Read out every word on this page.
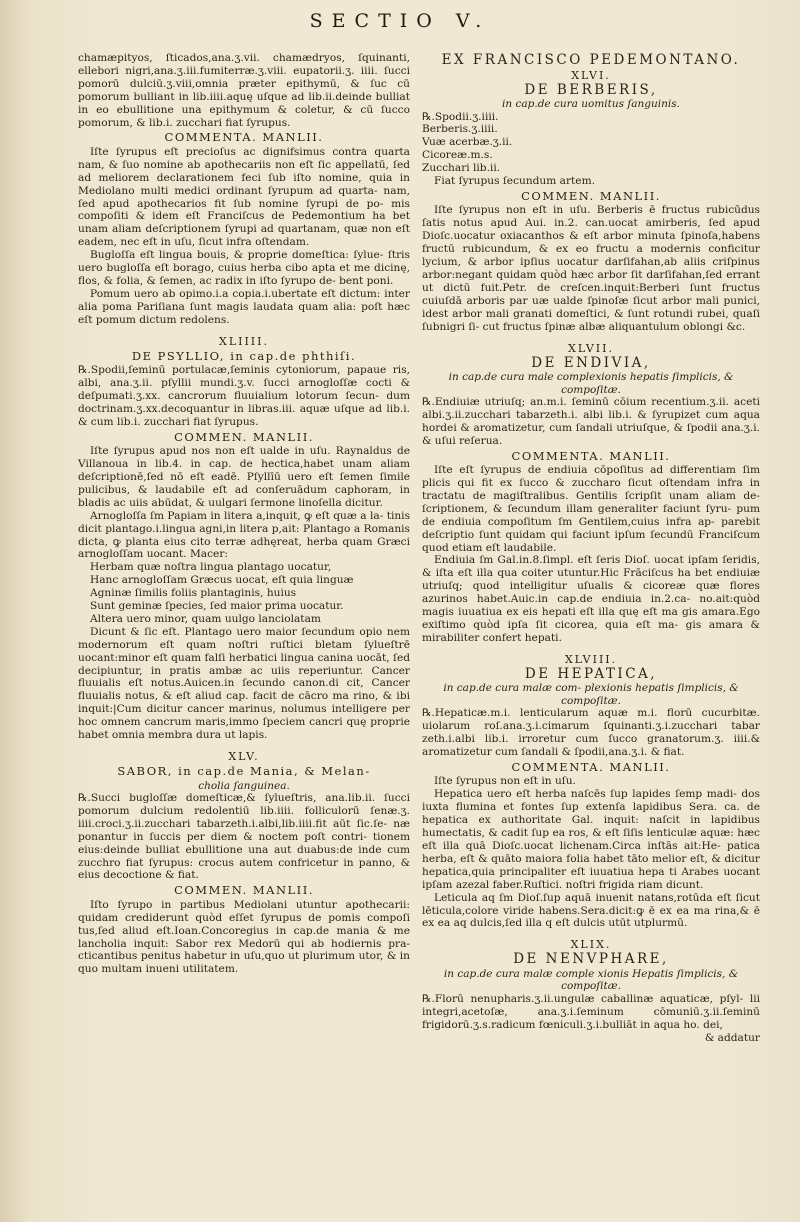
SECTIO V.

chamæpityos, ſticados,ana.ʒ.vii. chamædryos, ſquinanti, ellebori nigri,ana.ʒ.iii.fumiterræ.ʒ.viii. eupatorii.ʒ. iiii. ſucci pomorū dulciū.ʒ.viii,omnia præter epithymū, & ſuc cū pomorum bulliant in lib.iiii.aquę uſque ad lib.ii.deinde bulliat in eo ebullitione una epithymum & coletur, & cū ſucco pomorum, & lib.i. zucchari fiat ſyrupus.

COMMENTA. MANLII.

Iſte ſyrupus eſt precioſus ac dignifsimus contra quarta nam, & ſuo nomine ab apothecariis non eſt ſic appellatū, ſed ad meliorem declarationem feci ſub iſto nomine, quia in Mediolano multi medici ordinant ſyrupum ad quarta- nam, ſed apud apothecarios fit ſub nomine ſyrupi de po- mis compoſiti & idem eſt Franciſcus de Pedemontium ha bet unam aliam deſcriptionem ſyrupi ad quartanam, quæ non eſt eadem, nec eſt in uſu, ſicut infra oſtendam.

Bugloſſa eſt lingua bouis, & proprie domeſtica: ſylue- ſtris uero bugloſſa eſt borago, cuius herba cibo apta et me dicinę, flos, & folia, & ſemen, ac radix in iſto ſyrupo de- bent poni.

Pomum uero ab opimo.i.a copia.i.ubertate eſt dictum: inter alia poma Pariſiana ſunt magis laudata quam alia: poſt hæc eſt pomum dictum redolens.

XLIIII.
DE PSYLLIO, in cap.de phthiſi.

℞.Spodii,ſeminū portulacæ,ſeminis cytoniorum, papaue ris, albi, ana.ʒ.ii. pſyllii mundi.ʒ.v. ſucci arnogloſſæ cocti & deſpumati.ʒ.xx. cancrorum fluuialium lotorum ſecun- dum doctrinam.ʒ.xx.decoquantur in libras.iii. aquæ uſque ad lib.i. & cum lib.i. zucchari fiat ſyrupus.

COMMEN. MANLII.

Iſte ſyrupus apud nos non eſt ualde in uſu. Raynaldus de Villanoua in lib.4. in cap. de hectica,habet unam aliam deſcriptionē,ſed nō eſt eadē. Pſyllīū uero eſt ſemen ſimile pulicibus, & laudabile eſt ad conſeruādum caphoram, in bladis ac uiis abūdat, & uulgari ſermone linoſella dicitur.

Arnogloſſa ſm Papiam in litera a,inquit, ꝙ eſt quæ a la- tinis dicit plantago.i.lingua agni,in litera p,ait: Plantago a Romanis dicta, ꝙ planta eius cito terræ adhęreat, herba quam Græci arnogloſſam uocant. Macer:

Herbam quæ noſtra lingua plantago uocatur,

Hanc arnogloſſam Græcus uocat, eſt quia linguæ

Agninæ ſimilis foliis plantaginis, huius

Sunt geminæ ſpecies, ſed maior prima uocatur.

Altera uero minor, quam uulgo lanciolatam

Dicunt & ſic eſt. Plantago uero maior ſecundum opio nem modernorum eſt quam noſtri ruſtici bletam ſylueſtrē uocant:minor eſt quam falſi herbatici lingua canina uocāt, ſed decipiuntur, in pratis ambæ ac uiis reperiuntur. Cancer fluuialis eſt notus.Auicen.in ſecundo canon.di cit, Cancer fluuialis notus, & eſt aliud cap. facit de cācro ma rino, & ibi inquit:|Cum dicitur cancer marinus, nolumus intelligere per hoc omnem cancrum maris,immo ſpeciem cancri quę proprie habet omnia membra dura ut lapis.

XLV.
SABOR, in cap.de Mania, & Melan-
cholia ſanguinea.

℞.Succi bugloſſæ domeſticæ,& ſylueſtris, ana.lib.ii. ſucci pomorum dulcium redolentiū lib.iiii. folliculorū ſenæ.ʒ. iiii.croci.ʒ.ii.zucchari tabarzeth.i.albi,lib.iiii.fit aūt ſic.ſe- næ ponantur in ſuccis per diem & noctem poſt contri- tionem eius:deinde bulliat ebullitione una aut duabus:de inde cum zucchro fiat ſyrupus: crocus autem confricetur in panno, & eius decoctione & fiat.

COMMEN. MANLII.

Iſto ſyrupo in partibus Mediolani utuntur apothecarii: quidam crediderunt quòd eſſet ſyrupus de pomis compoſi tus,ſed aliud eſt.Ioan.Concoregius in cap.de mania & me lancholia inquit: Sabor rex Medorū qui ab hodiernis pra- cticantibus penitus habetur in uſu,quo ut plurimum utor, & in quo multam inueni utilitatem.

EX FRANCISCO PEDEMONTANO.
XLVI.
DE BERBERIS,
in cap.de cura uomitus ſanguinis.

℞.Spodii.ʒ.iiii.

Berberis.ʒ.iiii.

Vuæ acerbæ.ʒ.ii.

Cicoreæ.m.s.

Zucchari lib.ii.

Fiat ſyrupus ſecundum artem.

COMMEN. MANLII.

Iſte ſyrupus non eſt in uſu. Berberis ē fructus rubicūdus ſatis notus apud Aui. in.2. can.uocat amirberis, ſed apud Dioſc.uocatur oxiacanthos & eſt arbor minuta ſpinoſa,habens fructū rubicundum, & ex eo fructu a modernis conficitur lycium, & arbor ipſius uocatur darſifahan,ab aliis criſpinus arbor:negant quidam quòd hæc arbor ſit darſifahan,ſed errant ut dictū fuit.Petr. de creſcen.inquit:Berberi ſunt fructus cuiuſdā arboris par uæ ualde ſpinoſæ ſicut arbor mali punici, idest arbor mali granati domeſtici, & ſunt rotundi rubei, quaſi ſubnigri ſi- cut fructus ſpinæ albæ aliquantulum oblongi &c.

XLVII.
DE ENDIVIA,
in cap.de cura male complexionis hepatis ſimplicis, & compoſitæ.

℞.Endiuiæ utriuſq; an.m.i. ſeminū cōium recentium.ʒ.ii. aceti albi.ʒ.ii.zucchari tabarzeth.i. albi lib.i. & ſyrupizet cum aqua hordei & aromatizetur, cum ſandali utriuſque, & ſpodii ana.ʒ.i. & uſui reſerua.

COMMENTA. MANLII.

Iſte eſt ſyrupus de endiuia cōpoſitus ad differentiam ſim plicis qui fit ex ſucco & zuccharo ſicut oſtendam infra in tractatu de magiſtralibus. Gentilis ſcripſit unam aliam de- ſcriptionem, & ſecundum illam generaliter faciunt ſyru- pum de endiuia compoſitum ſm Gentilem,cuius infra ap- parebit deſcriptio ſunt quidam qui faciunt ipſum ſecundū Franciſcum quod etiam eſt laudabile.

Endiuia ſm Gal.in.8.ſimpl. eſt ſeris Dioſ. uocat ipſam ſeridis, & iſta eſt illa qua coiter utuntur.Hic Frāciſcus ha bet endiuiæ utriuſq; quod intelligitur uſualis & cicoreæ quæ flores azurinos habet.Auic.in cap.de endiuia in.2.ca- no.ait:quòd magis iuuatiua ex eis hepati eſt illa quę eſt ma gis amara.Ego exiſtimo quòd ipſa ſit cicorea, quia eſt ma- gis amara & mirabiliter confert hepati.

XLVIII.
DE HEPATICA,
in cap.de cura malæ com- plexionis hepatis ſimplicis, & compoſitæ.

℞.Hepaticæ.m.i. lenticularum aquæ m.i. florū cucurbitæ. uiolarum roſ.ana.ʒ.i.cimarum ſquinanti.ʒ.i.zucchari tabar zeth.i.albi lib.i. irroretur cum ſucco granatorum.ʒ. iiii.& aromatizetur cum ſandali & ſpodii,ana.ʒ.i. & fiat.

COMMENTA. MANLII.

Iſte ſyrupus non eſt in uſu.

Hepatica uero eſt herba naſcēs ſup lapides ſemp madi- dos iuxta flumina et fontes ſup extenſa lapidibus Sera. ca. de hepatica ex authoritate Gal. inquit: naſcit in lapidibus humectatis, & cadit ſup ea ros, & eſt ſiſis lenticulæ aquæ: hæc eſt illa quā Dioſc.uocat lichenam.Circa inſtās ait:He- patica herba, eſt & quāto maiora folia habet tāto melior eſt, & dicitur hepatica,quia principaliter eſt iuuatiua hepa ti Arabes uocant ipſam azezal faber.Ruſtici. noſtri frigida riam dicunt.

Leticula aq ſm Dioſ.ſup aquā inuenit natans,rotūda eſt ſicut lēticula,colore viride habens.Sera.dicit:ꝙ ē ex ea ma rina,& ē ex ea aq dulcis,ſed illa q eſt dulcis utūt utplurmū.

XLIX.
DE NENVPHARE,
in cap.de cura malæ comple xionis Hepatis ſimplicis, & compoſitæ.

℞.Florū nenupharis.ʒ.ii.ungulæ caballinæ aquaticæ, pſyl- lii integri,acetoſæ, ana.ʒ.i.ſeminum cōmuniū.ʒ.ii.ſeminū frigidorū.ʒ.s.radicum fœniculi.ʒ.i.bulliāt in aqua ho. dei,

& addatur
